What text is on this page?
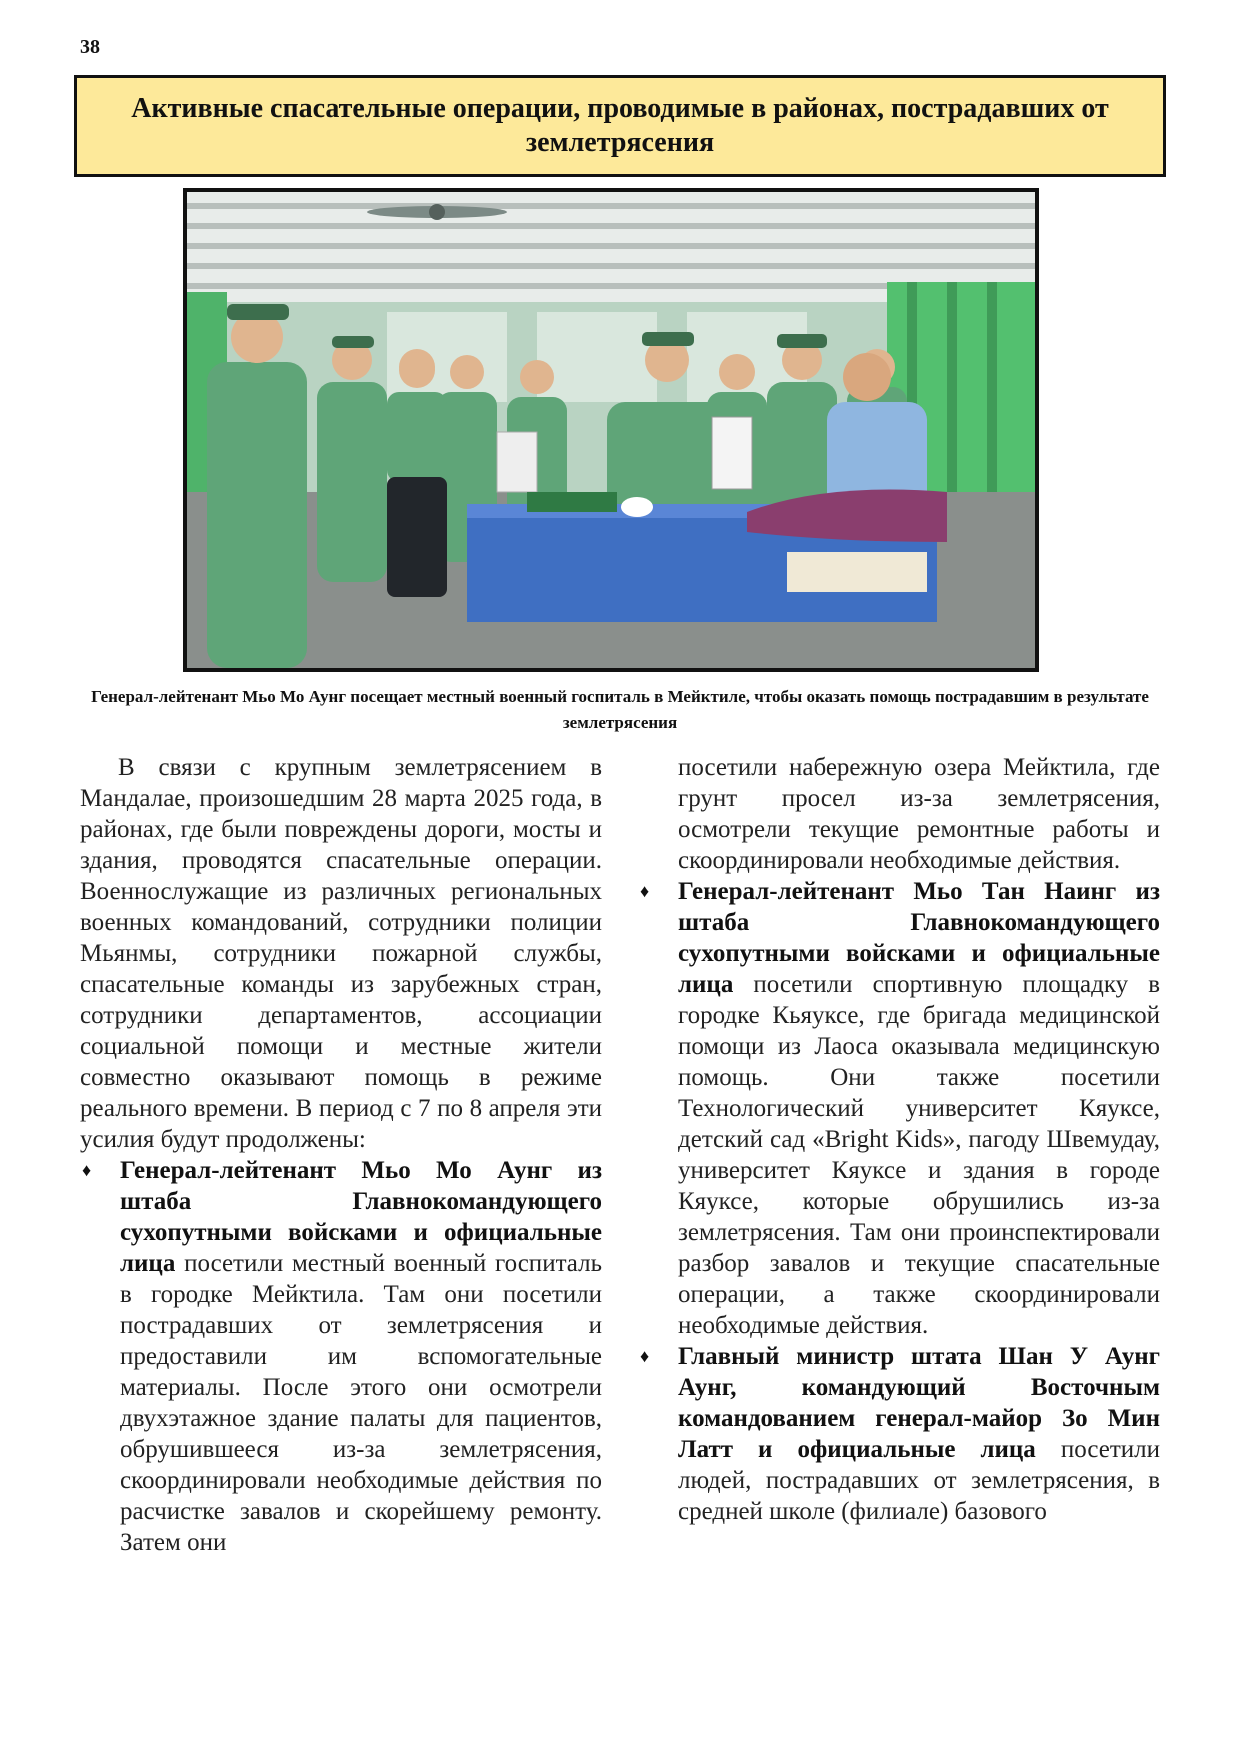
38
Активные спасательные операции, проводимые в районах, пострадавших от землетрясения
Генерал-лейтенант Мьо Мо Аунг посещает местный военный госпиталь в Мейктиле, чтобы оказать помощь пострадавшим в результате землетрясения

В связи с крупным землетрясением в Мандалае, произошедшим 28 марта 2025 года, в районах, где были повреждены дороги, мосты и здания, проводятся спасательные операции. Военнослужащие из различных региональных военных командований, сотрудники полиции Мьянмы, сотрудники пожарной службы, спасательные команды из зарубежных стран, сотрудники департаментов, ассоциации социальной помощи и местные жители совместно оказывают помощь в режиме реального времени. В период с 7 по 8 апреля эти усилия будут продолжены:

♦ Генерал-лейтенант Мьо Мо Аунг из штаба Главнокомандующего сухопутными войсками и официальные лица посетили местный военный госпиталь в городке Мейктила. Там они посетили пострадавших от землетрясения и предоставили им вспомогательные материалы. После этого они осмотрели двухэтажное здание палаты для пациентов, обрушившееся из-за землетрясения, скоординировали необходимые действия по расчистке завалов и скорейшему ремонту. Затем они

посетили набережную озера Мейктила, где грунт просел из-за землетрясения, осмотрели текущие ремонтные работы и скоординировали необходимые действия.

♦ Генерал-лейтенант Мьо Тан Наинг из штаба Главнокомандующего сухопутными войсками и официальные лица посетили спортивную площадку в городке Кьяуксе, где бригада медицинской помощи из Лаоса оказывала медицинскую помощь. Они также посетили Технологический университет Кяуксе, детский сад «Bright Kids», пагоду Швемудау, университет Кяуксе и здания в городе Кяуксе, которые обрушились из-за землетрясения. Там они проинспектировали разбор завалов и текущие спасательные операции, а также скоординировали необходимые действия.

♦ Главный министр штата Шан У Аунг Аунг, командующий Восточным командованием генерал-майор Зо Мин Латт и официальные лица посетили людей, пострадавших от землетрясения, в средней школе (филиале) базового
